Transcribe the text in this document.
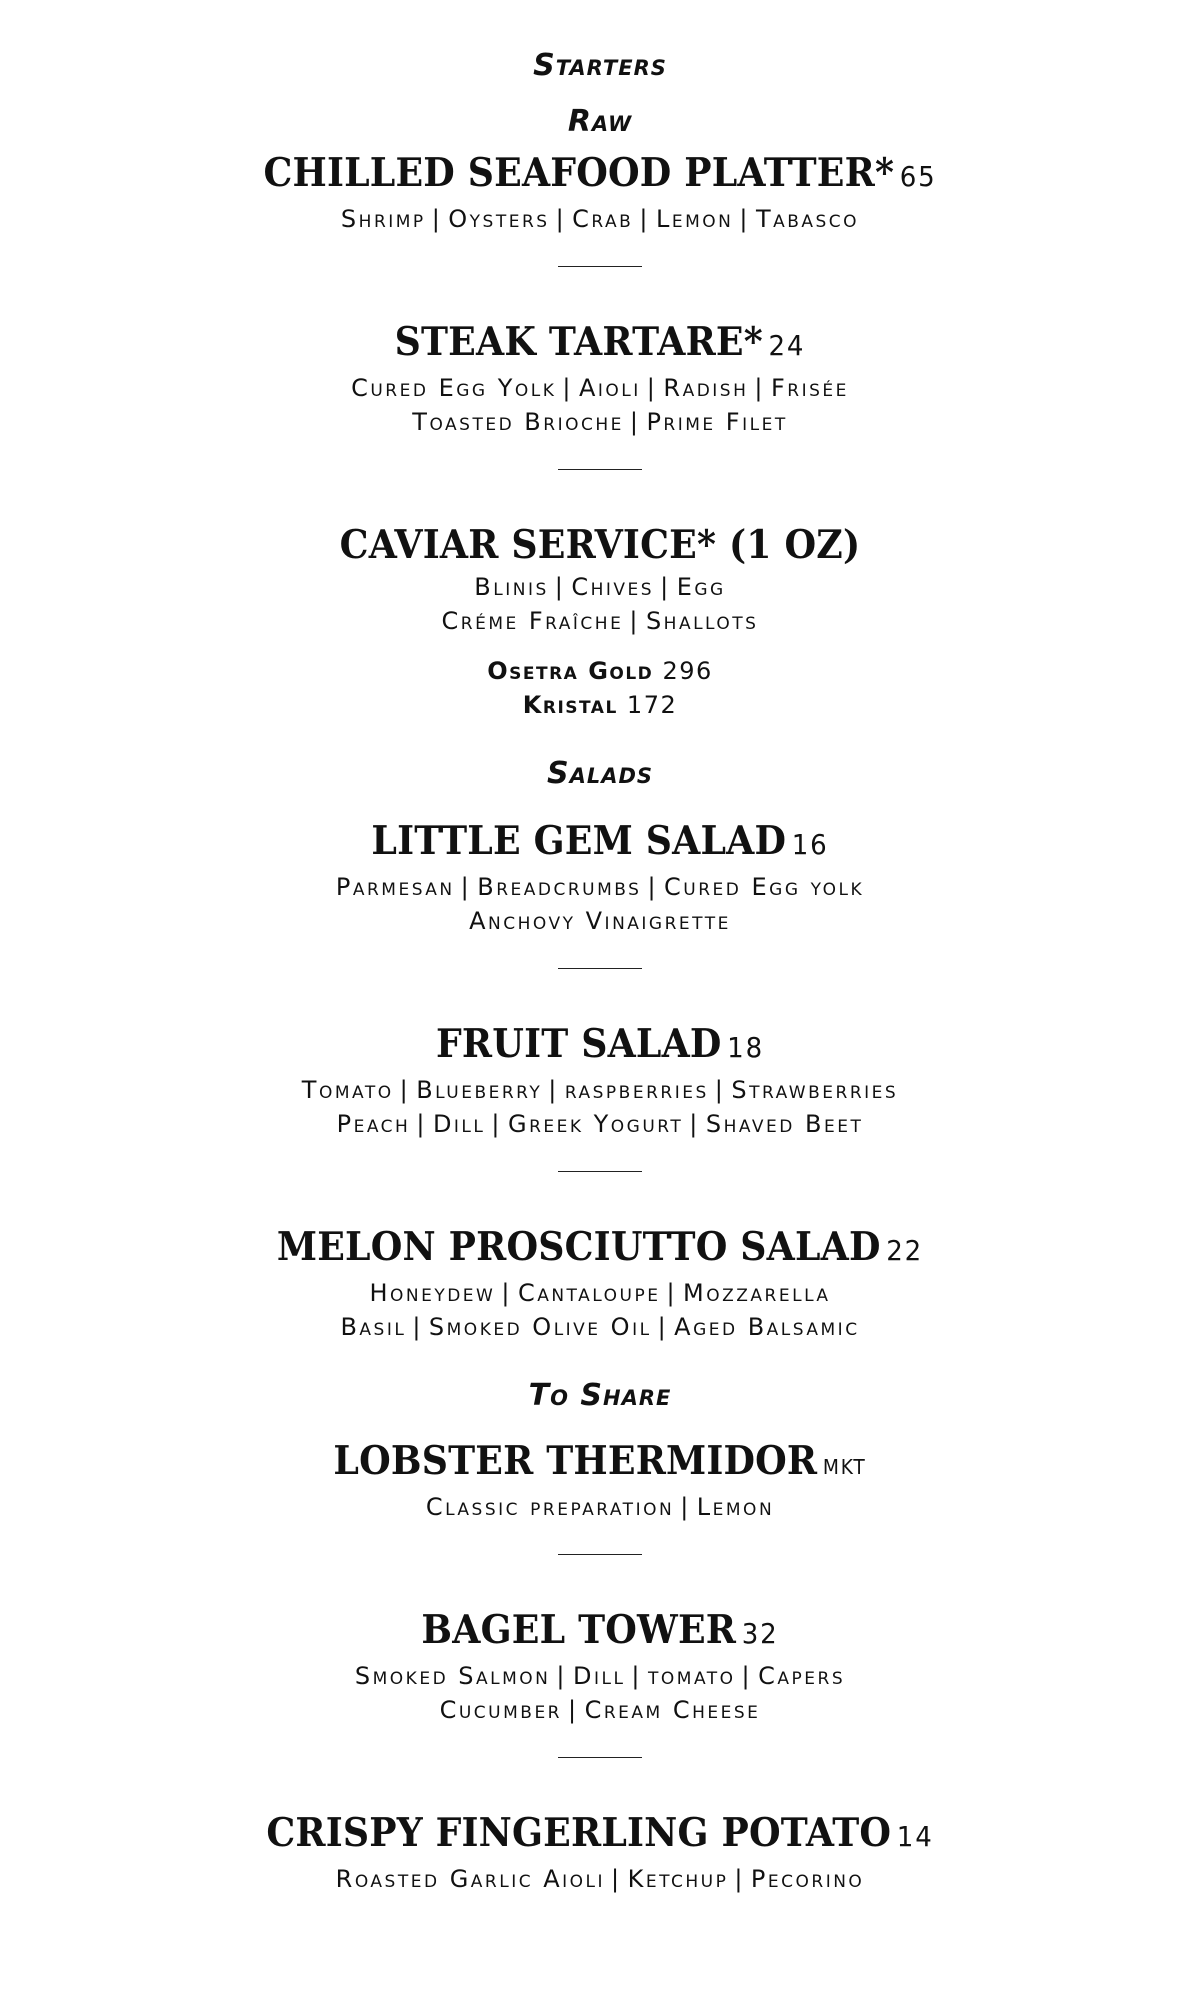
Starters
Raw
CHILLED SEAFOOD PLATTER* 65
Shrimp | Oysters | Crab | Lemon | Tabasco
STEAK TARTARE* 24
Cured Egg Yolk | Aioli | Radish | Frisée
Toasted Brioche | Prime Filet
CAVIAR SERVICE* (1 OZ)
Blinis | Chives | Egg
Créme Fraîche | Shallots
Osetra Gold 296
Kristal 172
Salads
LITTLE GEM SALAD 16
Parmesan | Breadcrumbs | Cured Egg yolk
Anchovy Vinaigrette
FRUIT SALAD 18
Tomato | Blueberry | raspberries | Strawberries
Peach | Dill | Greek Yogurt | Shaved Beet
MELON PROSCIUTTO SALAD 22
Honeydew | Cantaloupe | Mozzarella
Basil | Smoked Olive Oil | Aged Balsamic
To Share
LOBSTER THERMIDOR mkt
Classic preparation | Lemon
BAGEL TOWER 32
Smoked Salmon | Dill | tomato | Capers
Cucumber | Cream Cheese
CRISPY FINGERLING POTATO 14
Roasted Garlic Aioli | Ketchup | Pecorino
